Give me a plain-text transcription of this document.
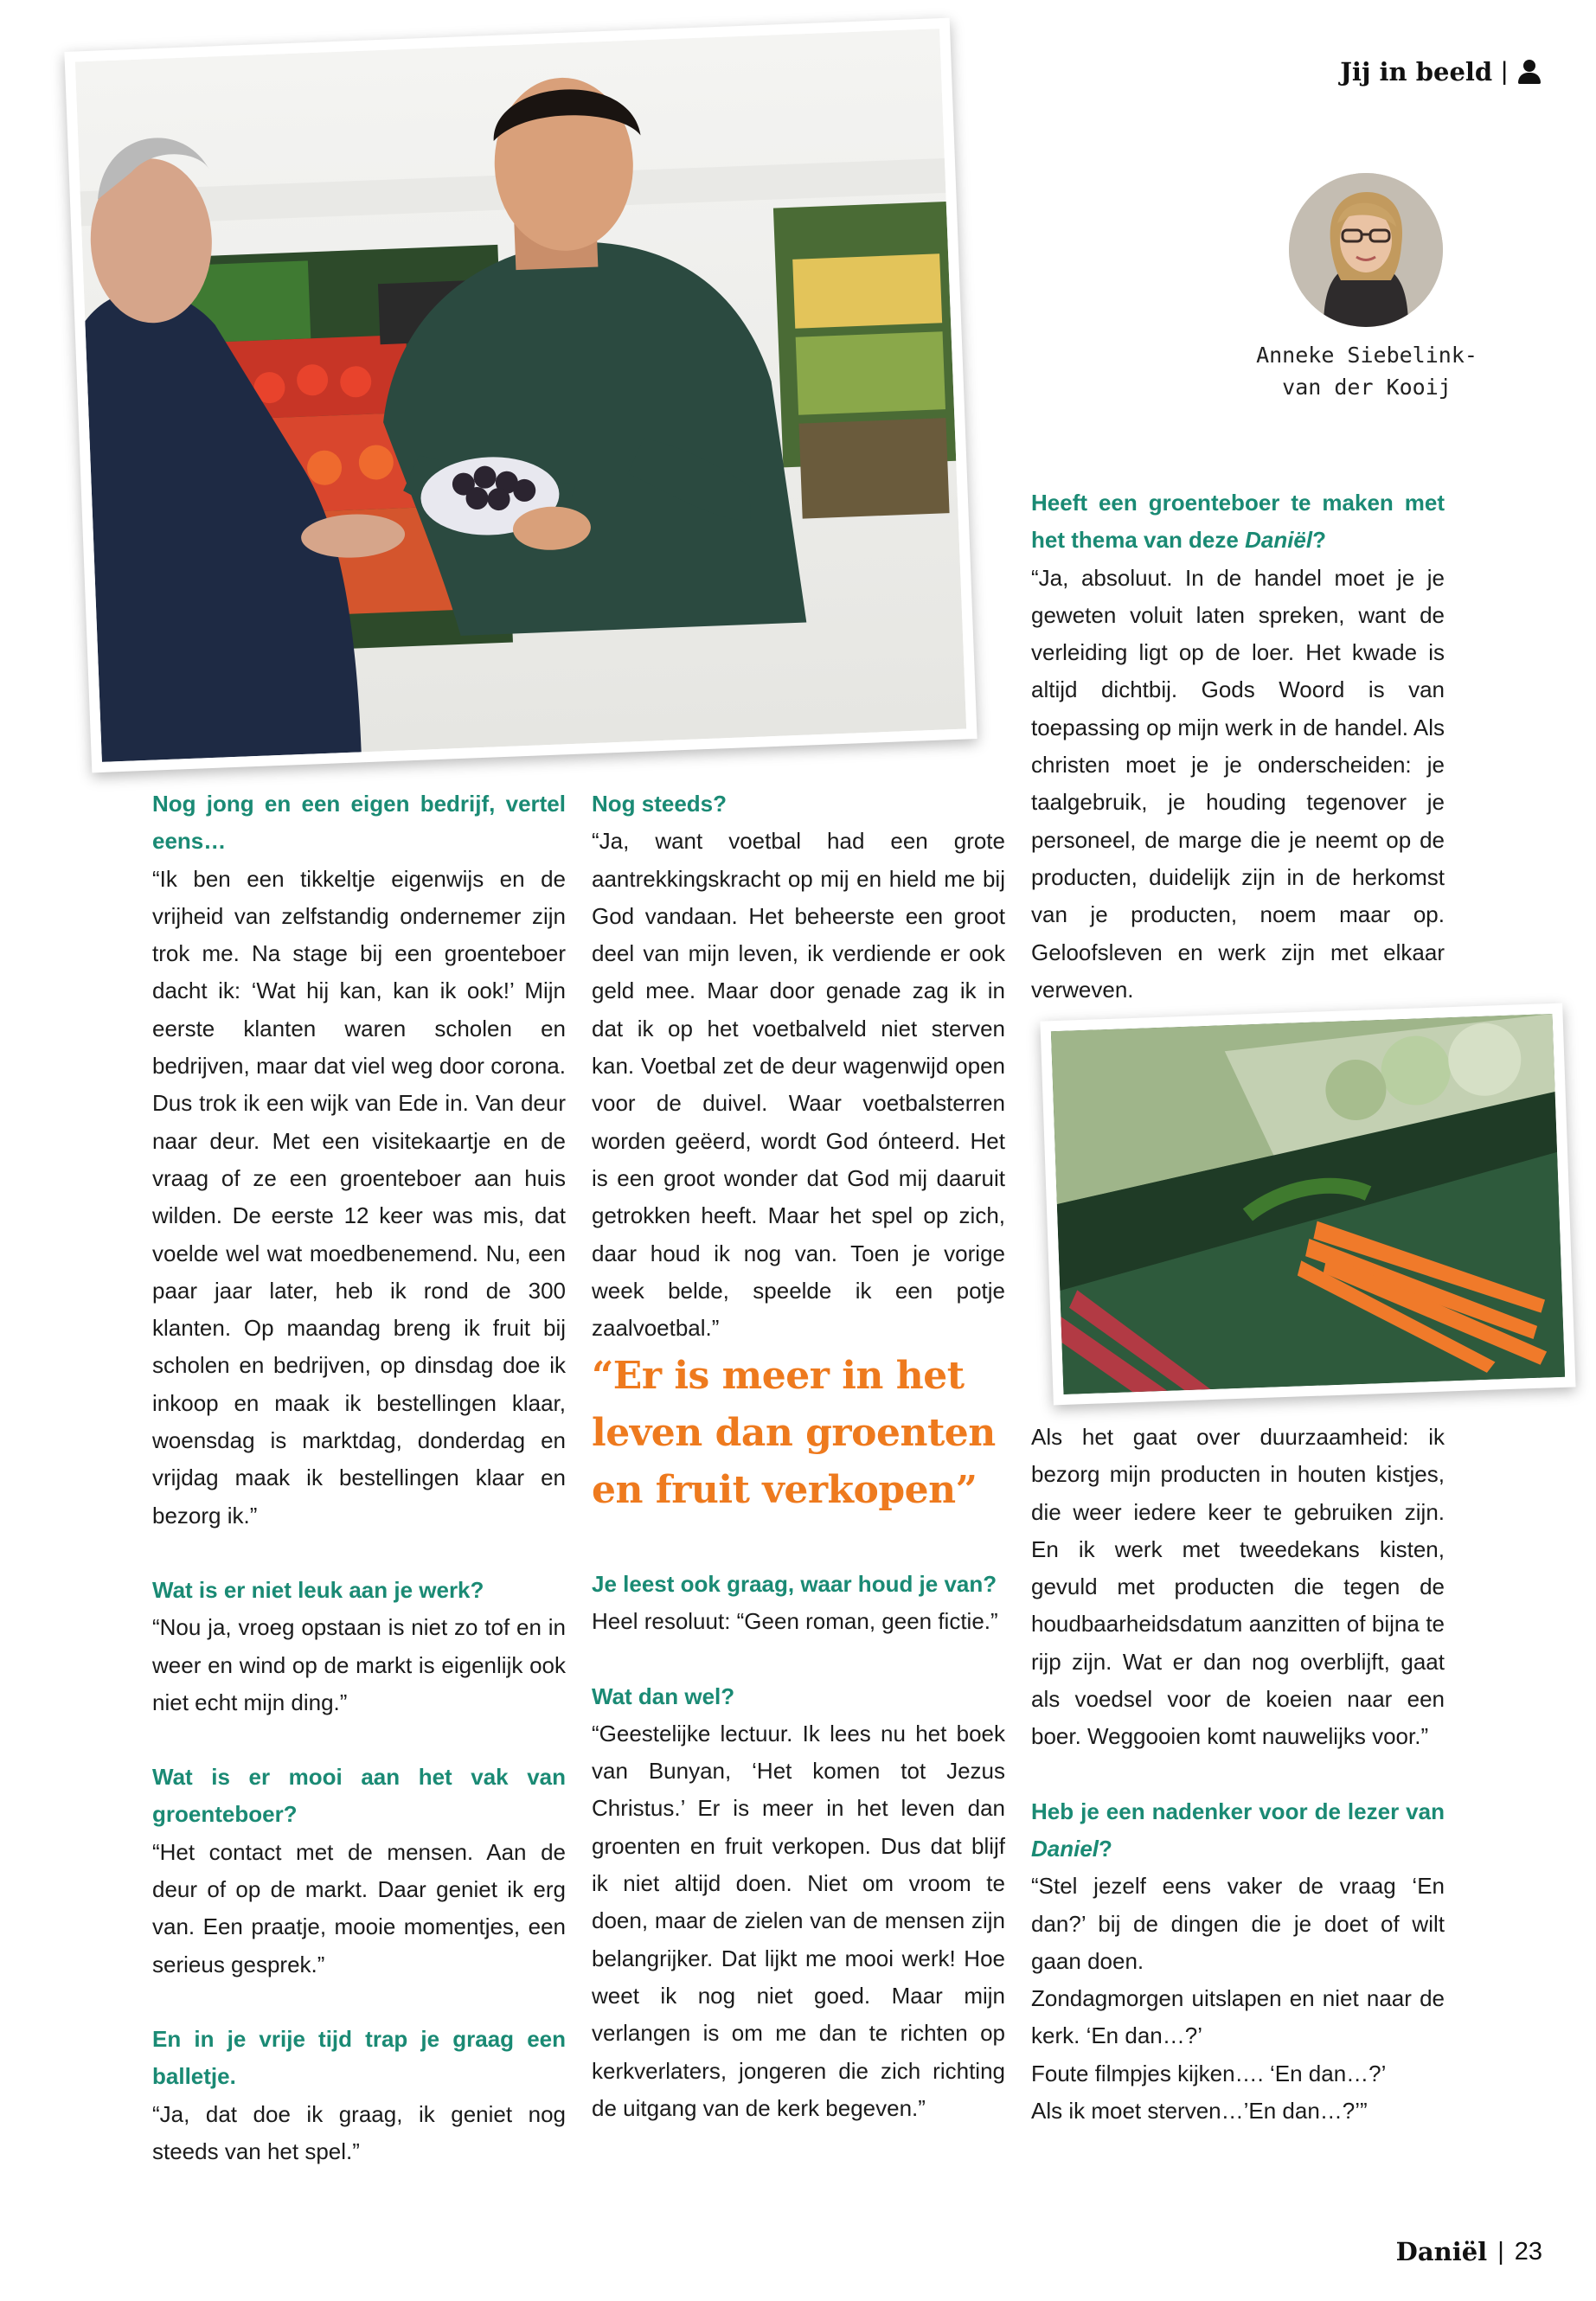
Jij in beeld |
Anneke Siebelink-van der Kooij

Nog jong en een eigen bedrijf, vertel eens…

“Ik ben een tikkeltje eigenwijs en de vrijheid van zelfstandig ondernemer zijn trok me. Na stage bij een groenteboer dacht ik: ‘Wat hij kan, kan ik ook!’ Mijn eerste klanten waren scholen en bedrijven, maar dat viel weg door corona. Dus trok ik een wijk van Ede in. Van deur naar deur. Met een visitekaartje en de vraag of ze een groenteboer aan huis wilden. De eerste 12 keer was mis, dat voelde wel wat moedbenemend. Nu, een paar jaar later, heb ik rond de 300 klanten. Op maandag breng ik fruit bij scholen en bedrijven, op dinsdag doe ik inkoop en maak ik bestellingen klaar, woensdag is marktdag, donderdag en vrijdag maak ik bestellingen klaar en bezorg ik.”

Wat is er niet leuk aan je werk?

“Nou ja, vroeg opstaan is niet zo tof en in weer en wind op de markt is eigenlijk ook niet echt mijn ding.”

Wat is er mooi aan het vak van groenteboer?

“Het contact met de mensen. Aan de deur of op de markt. Daar geniet ik erg van. Een praatje, mooie momentjes, een serieus gesprek.”

En in je vrije tijd trap je graag een balletje.

“Ja, dat doe ik graag, ik geniet nog steeds van het spel.”

Nog steeds?

“Ja, want voetbal had een grote aantrekkingskracht op mij en hield me bij God vandaan. Het beheerste een groot deel van mijn leven, ik verdiende er ook geld mee. Maar door genade zag ik in dat ik op het voetbalveld niet sterven kan. Voetbal zet de deur wagenwijd open voor de duivel. Waar voetbalsterren worden geëerd, wordt God ónteerd. Het is een groot wonder dat God mij daaruit getrokken heeft. Maar het spel op zich, daar houd ik nog van. Toen je vorige week belde, speelde ik een potje zaalvoetbal.”

“Er is meer in het leven dan groenten en fruit verkopen”

Je leest ook graag, waar houd je van?

Heel resoluut: “Geen roman, geen fictie.”

Wat dan wel?

“Geestelijke lectuur. Ik lees nu het boek van Bunyan, ‘Het komen tot Jezus Christus.’ Er is meer in het leven dan groenten en fruit verkopen. Dus dat blijf ik niet altijd doen. Niet om vroom te doen, maar de zielen van de mensen zijn belangrijker. Dat lijkt me mooi werk! Hoe weet ik nog niet goed. Maar mijn verlangen is om me dan te richten op kerkverlaters, jongeren die zich richting de uitgang van de kerk begeven.”

Heeft een groenteboer te maken met het thema van deze Daniël?

“Ja, absoluut. In de handel moet je je geweten voluit laten spreken, want de verleiding ligt op de loer. Het kwade is altijd dichtbij. Gods Woord is van toepassing op mijn werk in de handel. Als christen moet je je onderscheiden: je taalgebruik, je houding tegenover je personeel, de marge die je neemt op de producten, duidelijk zijn in de herkomst van je producten, noem maar op. Geloofsleven en werk zijn met elkaar verweven.

Als het gaat over duurzaamheid: ik bezorg mijn producten in houten kistjes, die weer iedere keer te gebruiken zijn. En ik werk met tweedekans kisten, gevuld met producten die tegen de houdbaarheidsdatum aanzitten of bijna te rijp zijn. Wat er dan nog overblijft, gaat als voedsel voor de koeien naar een boer. Weggooien komt nauwelijks voor.”

Heb je een nadenker voor de lezer van Daniel?

“Stel jezelf eens vaker de vraag ‘En dan?’ bij de dingen die je doet of wilt gaan doen.

Zondagmorgen uitslapen en niet naar de kerk. ‘En dan…?’

Foute filmpjes kijken…. ‘En dan…?’

Als ik moet sterven…’En dan…?’”

Daniël | 23
